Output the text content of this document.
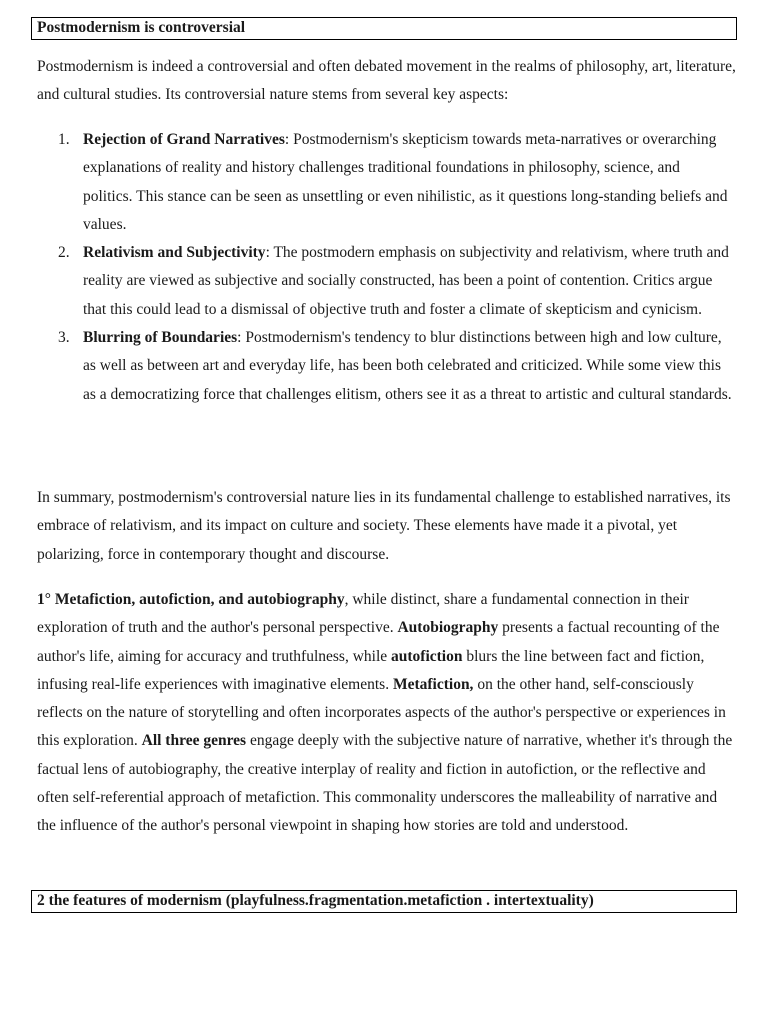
Postmodernism is controversial

Postmodernism is indeed a controversial and often debated movement in the realms of philosophy, art, literature, and cultural studies. Its controversial nature stems from several key aspects:

1. Rejection of Grand Narratives: Postmodernism's skepticism towards meta-narratives or overarching explanations of reality and history challenges traditional foundations in philosophy, science, and politics. This stance can be seen as unsettling or even nihilistic, as it questions long-standing beliefs and values.
2. Relativism and Subjectivity: The postmodern emphasis on subjectivity and relativism, where truth and reality are viewed as subjective and socially constructed, has been a point of contention. Critics argue that this could lead to a dismissal of objective truth and foster a climate of skepticism and cynicism.
3. Blurring of Boundaries: Postmodernism's tendency to blur distinctions between high and low culture, as well as between art and everyday life, has been both celebrated and criticized. While some view this as a democratizing force that challenges elitism, others see it as a threat to artistic and cultural standards.

In summary, postmodernism's controversial nature lies in its fundamental challenge to established narratives, its embrace of relativism, and its impact on culture and society. These elements have made it a pivotal, yet polarizing, force in contemporary thought and discourse.

1° Metafiction, autofiction, and autobiography, while distinct, share a fundamental connection in their exploration of truth and the author's personal perspective. Autobiography presents a factual recounting of the author's life, aiming for accuracy and truthfulness, while autofiction blurs the line between fact and fiction, infusing real-life experiences with imaginative elements. Metafiction, on the other hand, self-consciously reflects on the nature of storytelling and often incorporates aspects of the author's perspective or experiences in this exploration. All three genres engage deeply with the subjective nature of narrative, whether it's through the factual lens of autobiography, the creative interplay of reality and fiction in autofiction, or the reflective and often self-referential approach of metafiction. This commonality underscores the malleability of narrative and the influence of the author's personal viewpoint in shaping how stories are told and understood.

2 the features of modernism (playfulness.fragmentation.metafiction . intertextuality)
